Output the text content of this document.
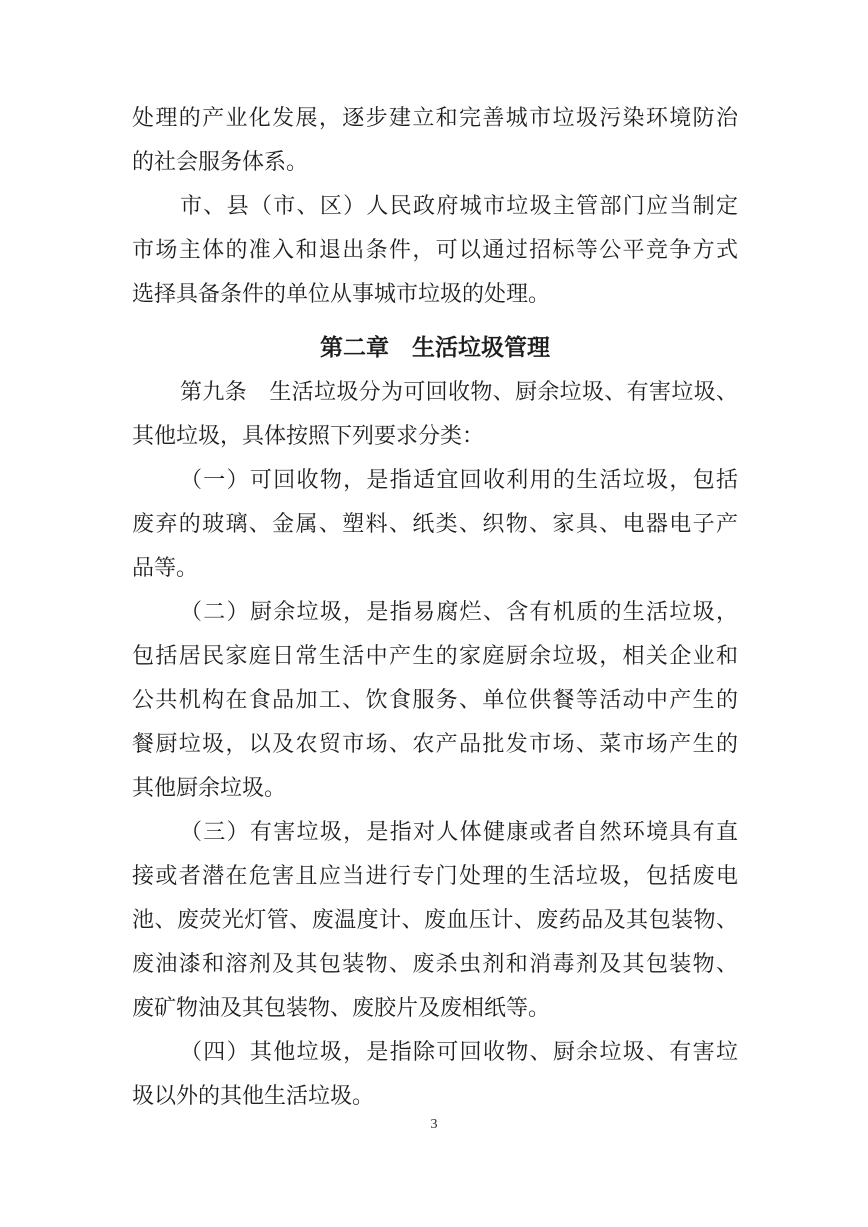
处理的产业化发展，逐步建立和完善城市垃圾污染环境防治
的社会服务体系。
市、县（市、区）人民政府城市垃圾主管部门应当制定
市场主体的准入和退出条件，可以通过招标等公平竞争方式
选择具备条件的单位从事城市垃圾的处理。
第二章　生活垃圾管理
第九条　生活垃圾分为可回收物、厨余垃圾、有害垃圾、
其他垃圾，具体按照下列要求分类：
（一）可回收物，是指适宜回收利用的生活垃圾，包括
废弃的玻璃、金属、塑料、纸类、织物、家具、电器电子产
品等。
（二）厨余垃圾，是指易腐烂、含有机质的生活垃圾，
包括居民家庭日常生活中产生的家庭厨余垃圾，相关企业和
公共机构在食品加工、饮食服务、单位供餐等活动中产生的
餐厨垃圾，以及农贸市场、农产品批发市场、菜市场产生的
其他厨余垃圾。
（三）有害垃圾，是指对人体健康或者自然环境具有直
接或者潜在危害且应当进行专门处理的生活垃圾，包括废电
池、废荧光灯管、废温度计、废血压计、废药品及其包装物、
废油漆和溶剂及其包装物、废杀虫剂和消毒剂及其包装物、
废矿物油及其包装物、废胶片及废相纸等。
（四）其他垃圾，是指除可回收物、厨余垃圾、有害垃
圾以外的其他生活垃圾。
3
